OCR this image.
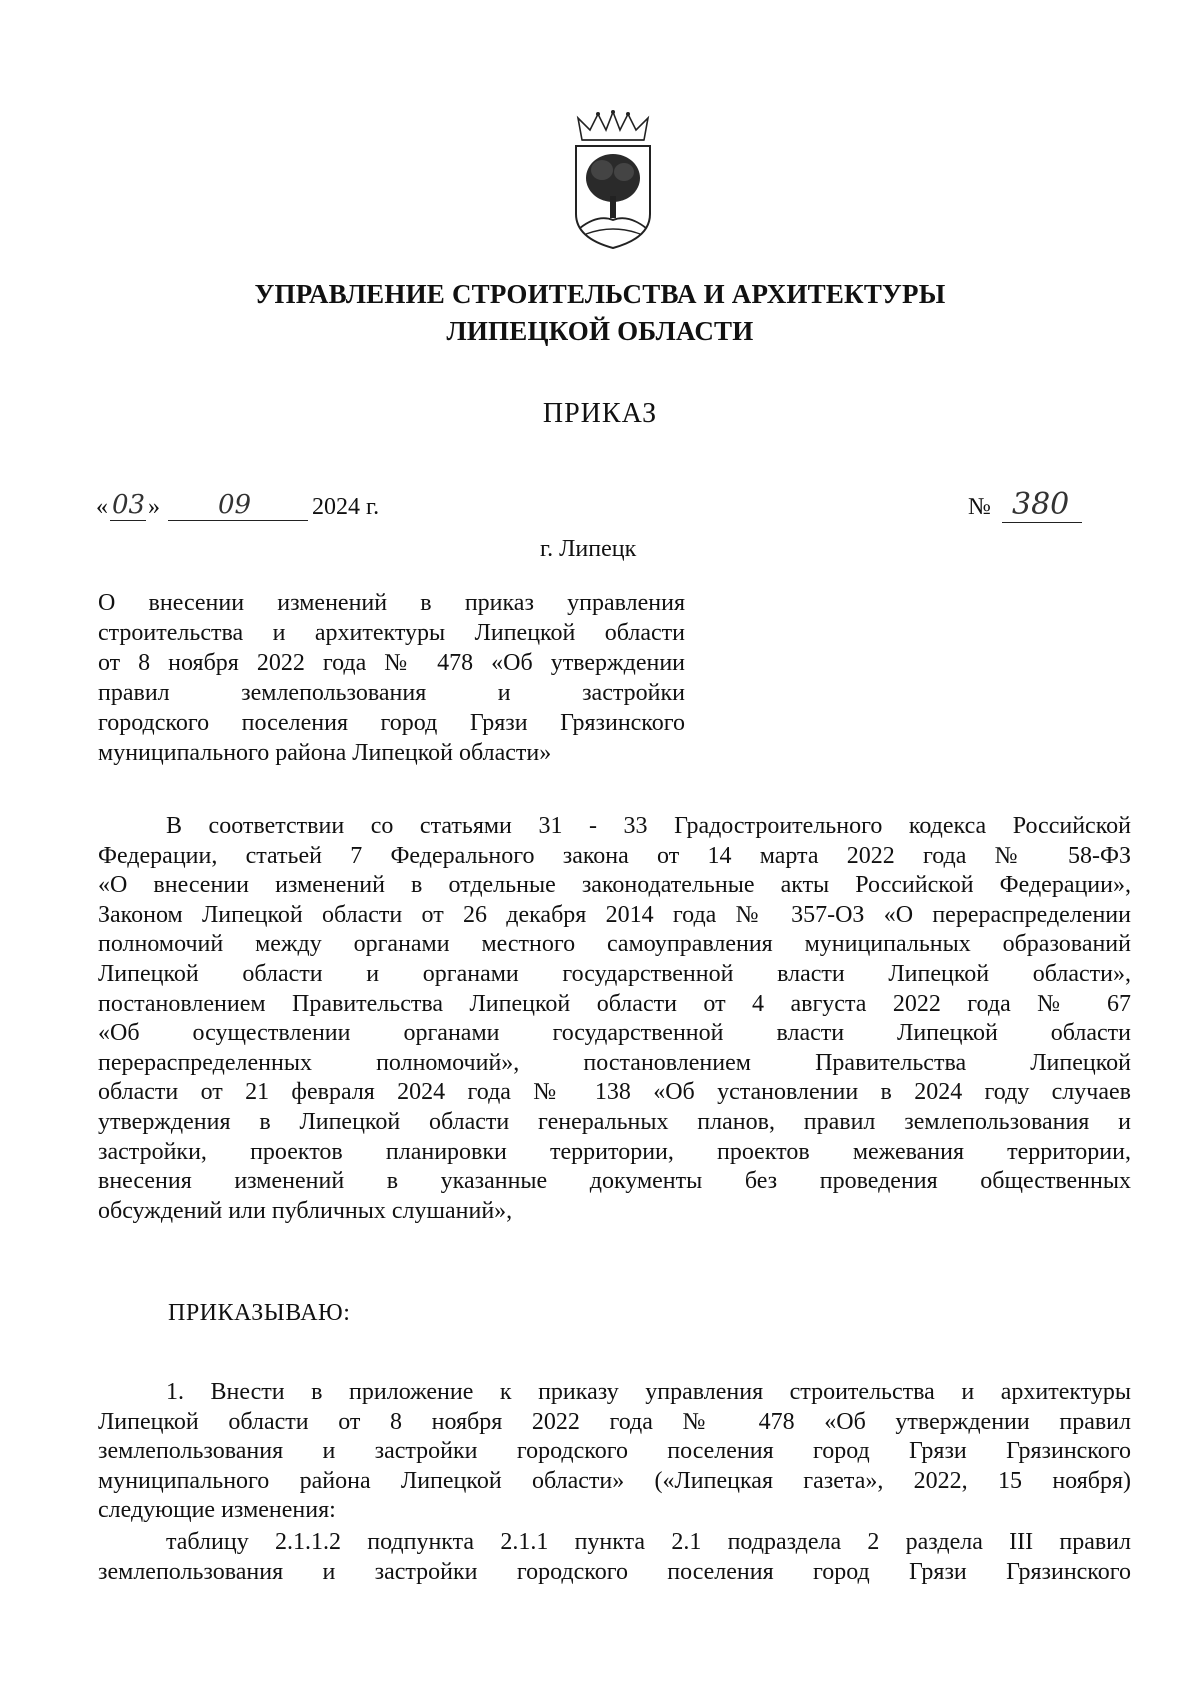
УПРАВЛЕНИЕ СТРОИТЕЛЬСТВА И АРХИТЕКТУРЫ
ЛИПЕЦКОЙ ОБЛАСТИ
ПРИКАЗ
« 03 » 09	2024 г.	№ 380
г. Липецк
О внесении изменений в приказ управления
строительства и архитектуры Липецкой области
от 8 ноября 2022 года № 478 «Об утверждении
правил землепользования и застройки
городского поселения город Грязи Грязинского
муниципального района Липецкой области»
В соответствии со статьями 31 - 33 Градостроительного кодекса Российской
Федерации, статьей 7 Федерального закона от 14 марта 2022 года № 58-ФЗ
«О внесении изменений в отдельные законодательные акты Российской Федерации»,
Законом Липецкой области от 26 декабря 2014 года № 357-ОЗ «О перераспределении
полномочий между органами местного самоуправления муниципальных образований
Липецкой области и органами государственной власти Липецкой области»,
постановлением Правительства Липецкой области от 4 августа 2022 года № 67
«Об осуществлении органами государственной власти Липецкой области
перераспределенных полномочий», постановлением Правительства Липецкой
области от 21 февраля 2024 года № 138 «Об установлении в 2024 году случаев
утверждения в Липецкой области генеральных планов, правил землепользования и
застройки, проектов планировки территории, проектов межевания территории,
внесения изменений в указанные документы без проведения общественных
обсуждений или публичных слушаний»,
ПРИКАЗЫВАЮ:
1. Внести в приложение к приказу управления строительства и архитектуры
Липецкой области от 8 ноября 2022 года № 478 «Об утверждении правил
землепользования и застройки городского поселения город Грязи Грязинского
муниципального района Липецкой области» («Липецкая газета», 2022, 15 ноября)
следующие изменения:
таблицу 2.1.1.2 подпункта 2.1.1 пункта 2.1 подраздела 2 раздела III правил
землепользования и застройки городского поселения город Грязи Грязинского
